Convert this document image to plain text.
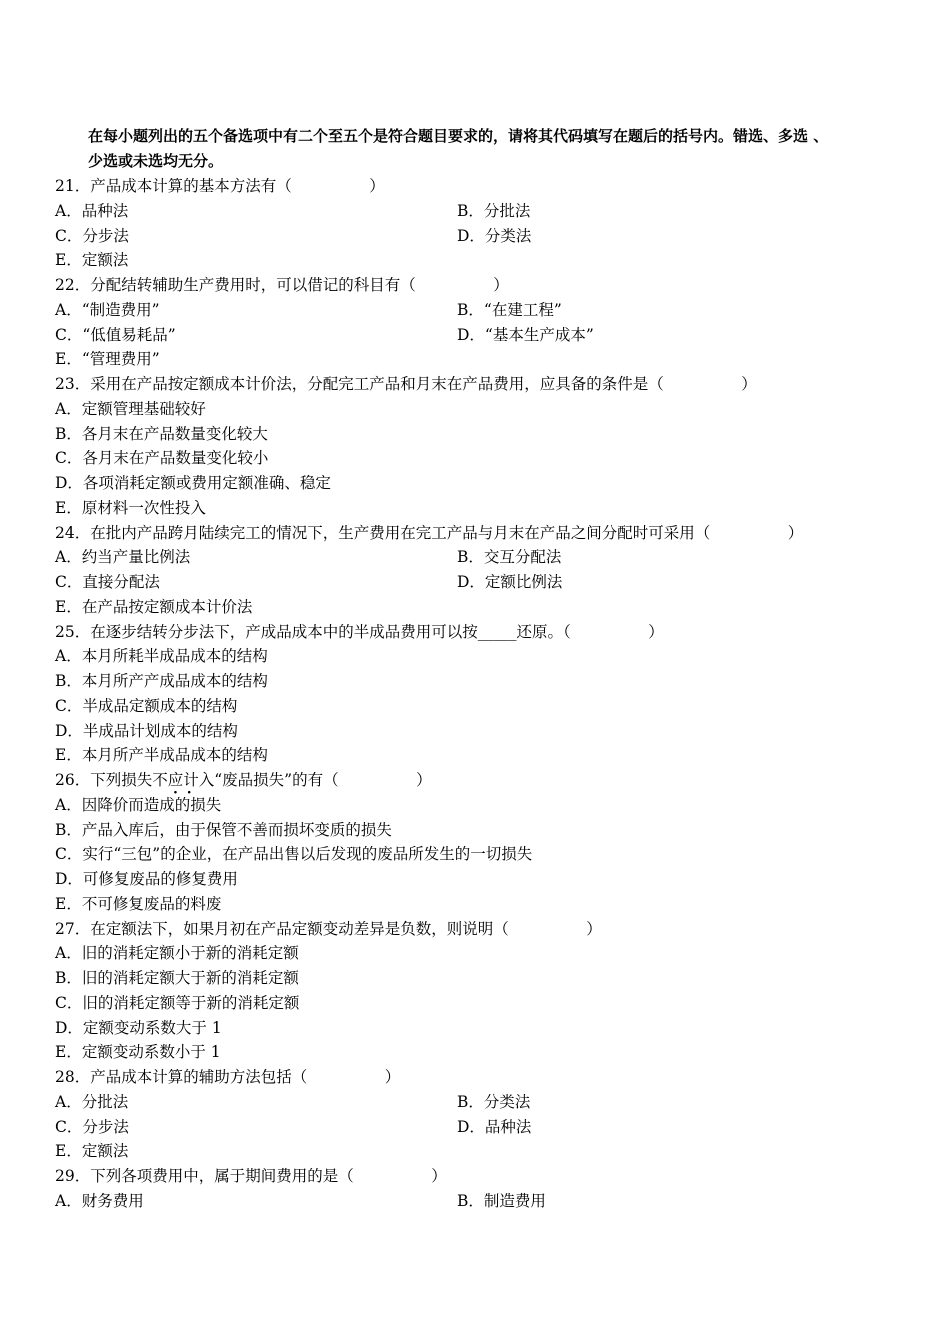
在每小题列出的五个备选项中有二个至五个是符合题目要求的，请将其代码填写在题后的括号内。错选、多选 、
少选或未选均无分。
21．产品成本计算的基本方法有（　　　　　）
A．品种法	B．分批法
C．分步法	D．分类法
E．定额法
22．分配结转辅助生产费用时，可以借记的科目有（　　　　　）
A．“制造费用”	B．“在建工程”
C．“低值易耗品”	D．“基本生产成本”
E．“管理费用”
23．采用在产品按定额成本计价法，分配完工产品和月末在产品费用，应具备的条件是（　　　　　）
A．定额管理基础较好
B．各月末在产品数量变化较大
C．各月末在产品数量变化较小
D．各项消耗定额或费用定额准确、稳定
E．原材料一次性投入
24．在批内产品跨月陆续完工的情况下，生产费用在完工产品与月末在产品之间分配时可采用（　　　　　）
A．约当产量比例法	B．交互分配法
C．直接分配法	D．定额比例法
E．在产品按定额成本计价法
25．在逐步结转分步法下，产成品成本中的半成品费用可以按_____还原。（　　　　　）
A．本月所耗半成品成本的结构
B．本月所产产成品成本的结构
C．半成品定额成本的结构
D．半成品计划成本的结构
E．本月所产半成品成本的结构
· · 26．下列损失不应计入“废品损失”的有（　　　　　）
A．因降价而造成的损失
B．产品入库后，由于保管不善而损坏变质的损失
C．实行“三包”的企业，在产品出售以后发现的废品所发生的一切损失
D．可修复废品的修复费用
E．不可修复废品的料废
27．在定额法下，如果月初在产品定额变动差异是负数，则说明（　　　　　）
A．旧的消耗定额小于新的消耗定额
B．旧的消耗定额大于新的消耗定额
C．旧的消耗定额等于新的消耗定额
D．定额变动系数大于 1
E．定额变动系数小于 1
28．产品成本计算的辅助方法包括（　　　　　）
A．分批法	B．分类法
C．分步法	D．品种法
E．定额法
29．下列各项费用中，属于期间费用的是（　　　　　）
A．财务费用	B．制造费用
